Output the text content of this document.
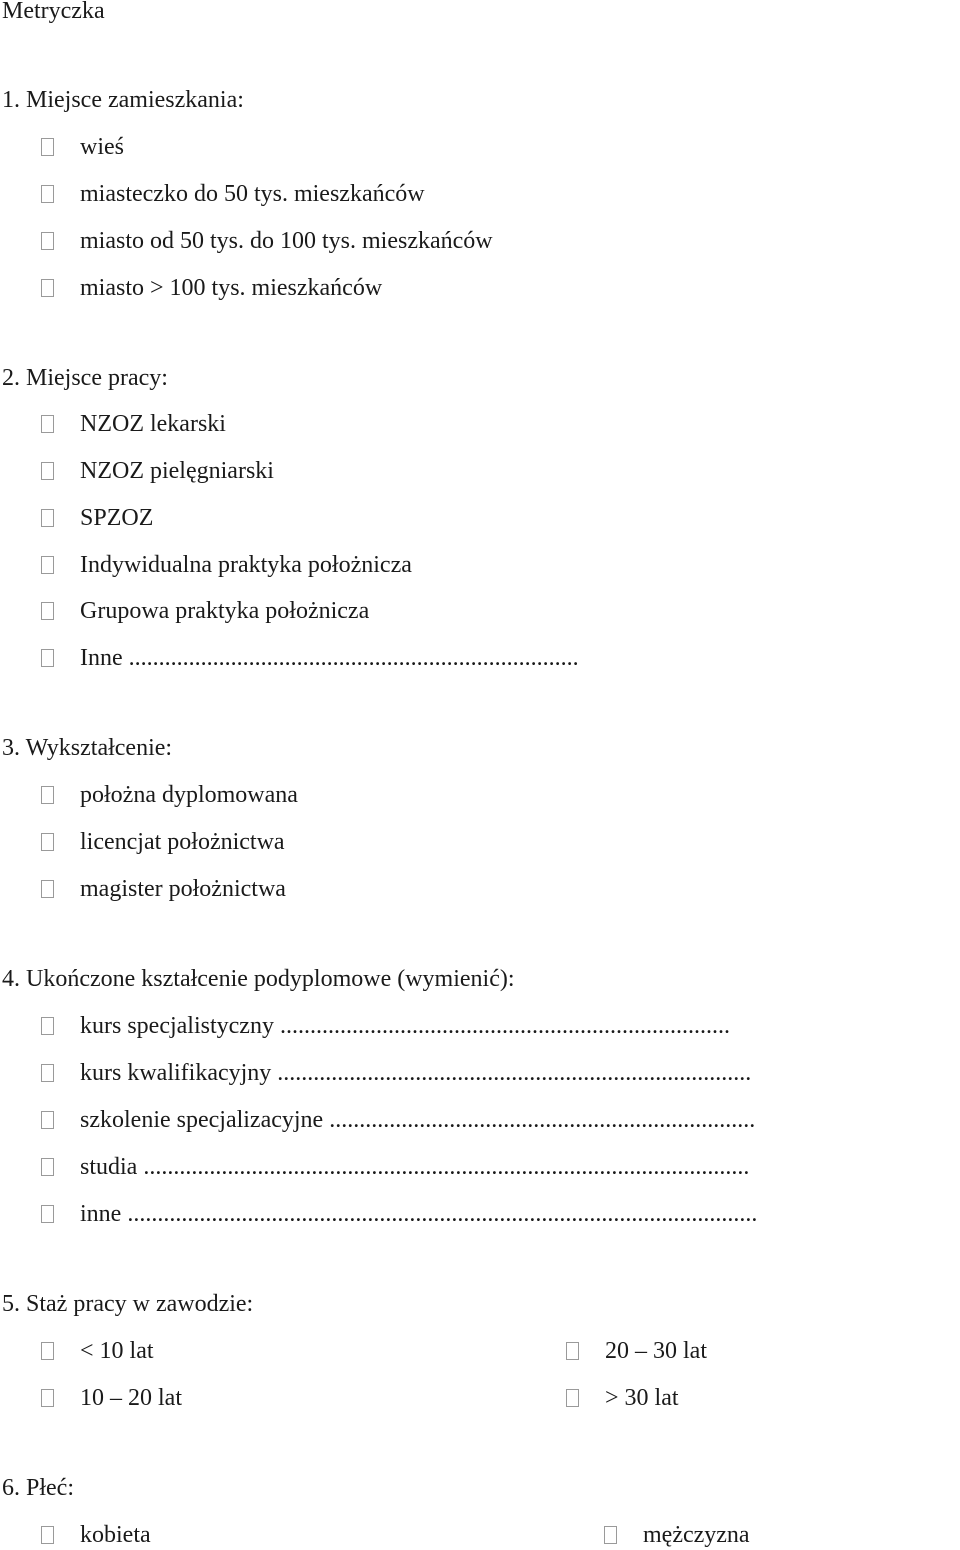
Metryczka
1. Miejsce zamieszkania:
wieś
miasteczko do 50 tys. mieszkańców
miasto od 50 tys. do 100 tys. mieszkańców
miasto > 100 tys. mieszkańców
2. Miejsce pracy:
NZOZ lekarski
NZOZ pielęgniarski
SPZOZ
Indywidualna praktyka położnicza
Grupowa praktyka położnicza
Inne ...........................................................................
3. Wykształcenie:
położna dyplomowana
licencjat położnictwa
magister położnictwa
4. Ukończone kształcenie podyplomowe (wymienić):
kurs specjalistyczny ...........................................................................
kurs kwalifikacyjny ...............................................................................
szkolenie specjalizacyjne .......................................................................
studia .....................................................................................................
inne .........................................................................................................
5. Staż pracy w zawodzie:
< 10 lat	20 – 30 lat
10 – 20 lat	> 30 lat
6. Płeć:
kobieta	mężczyzna
